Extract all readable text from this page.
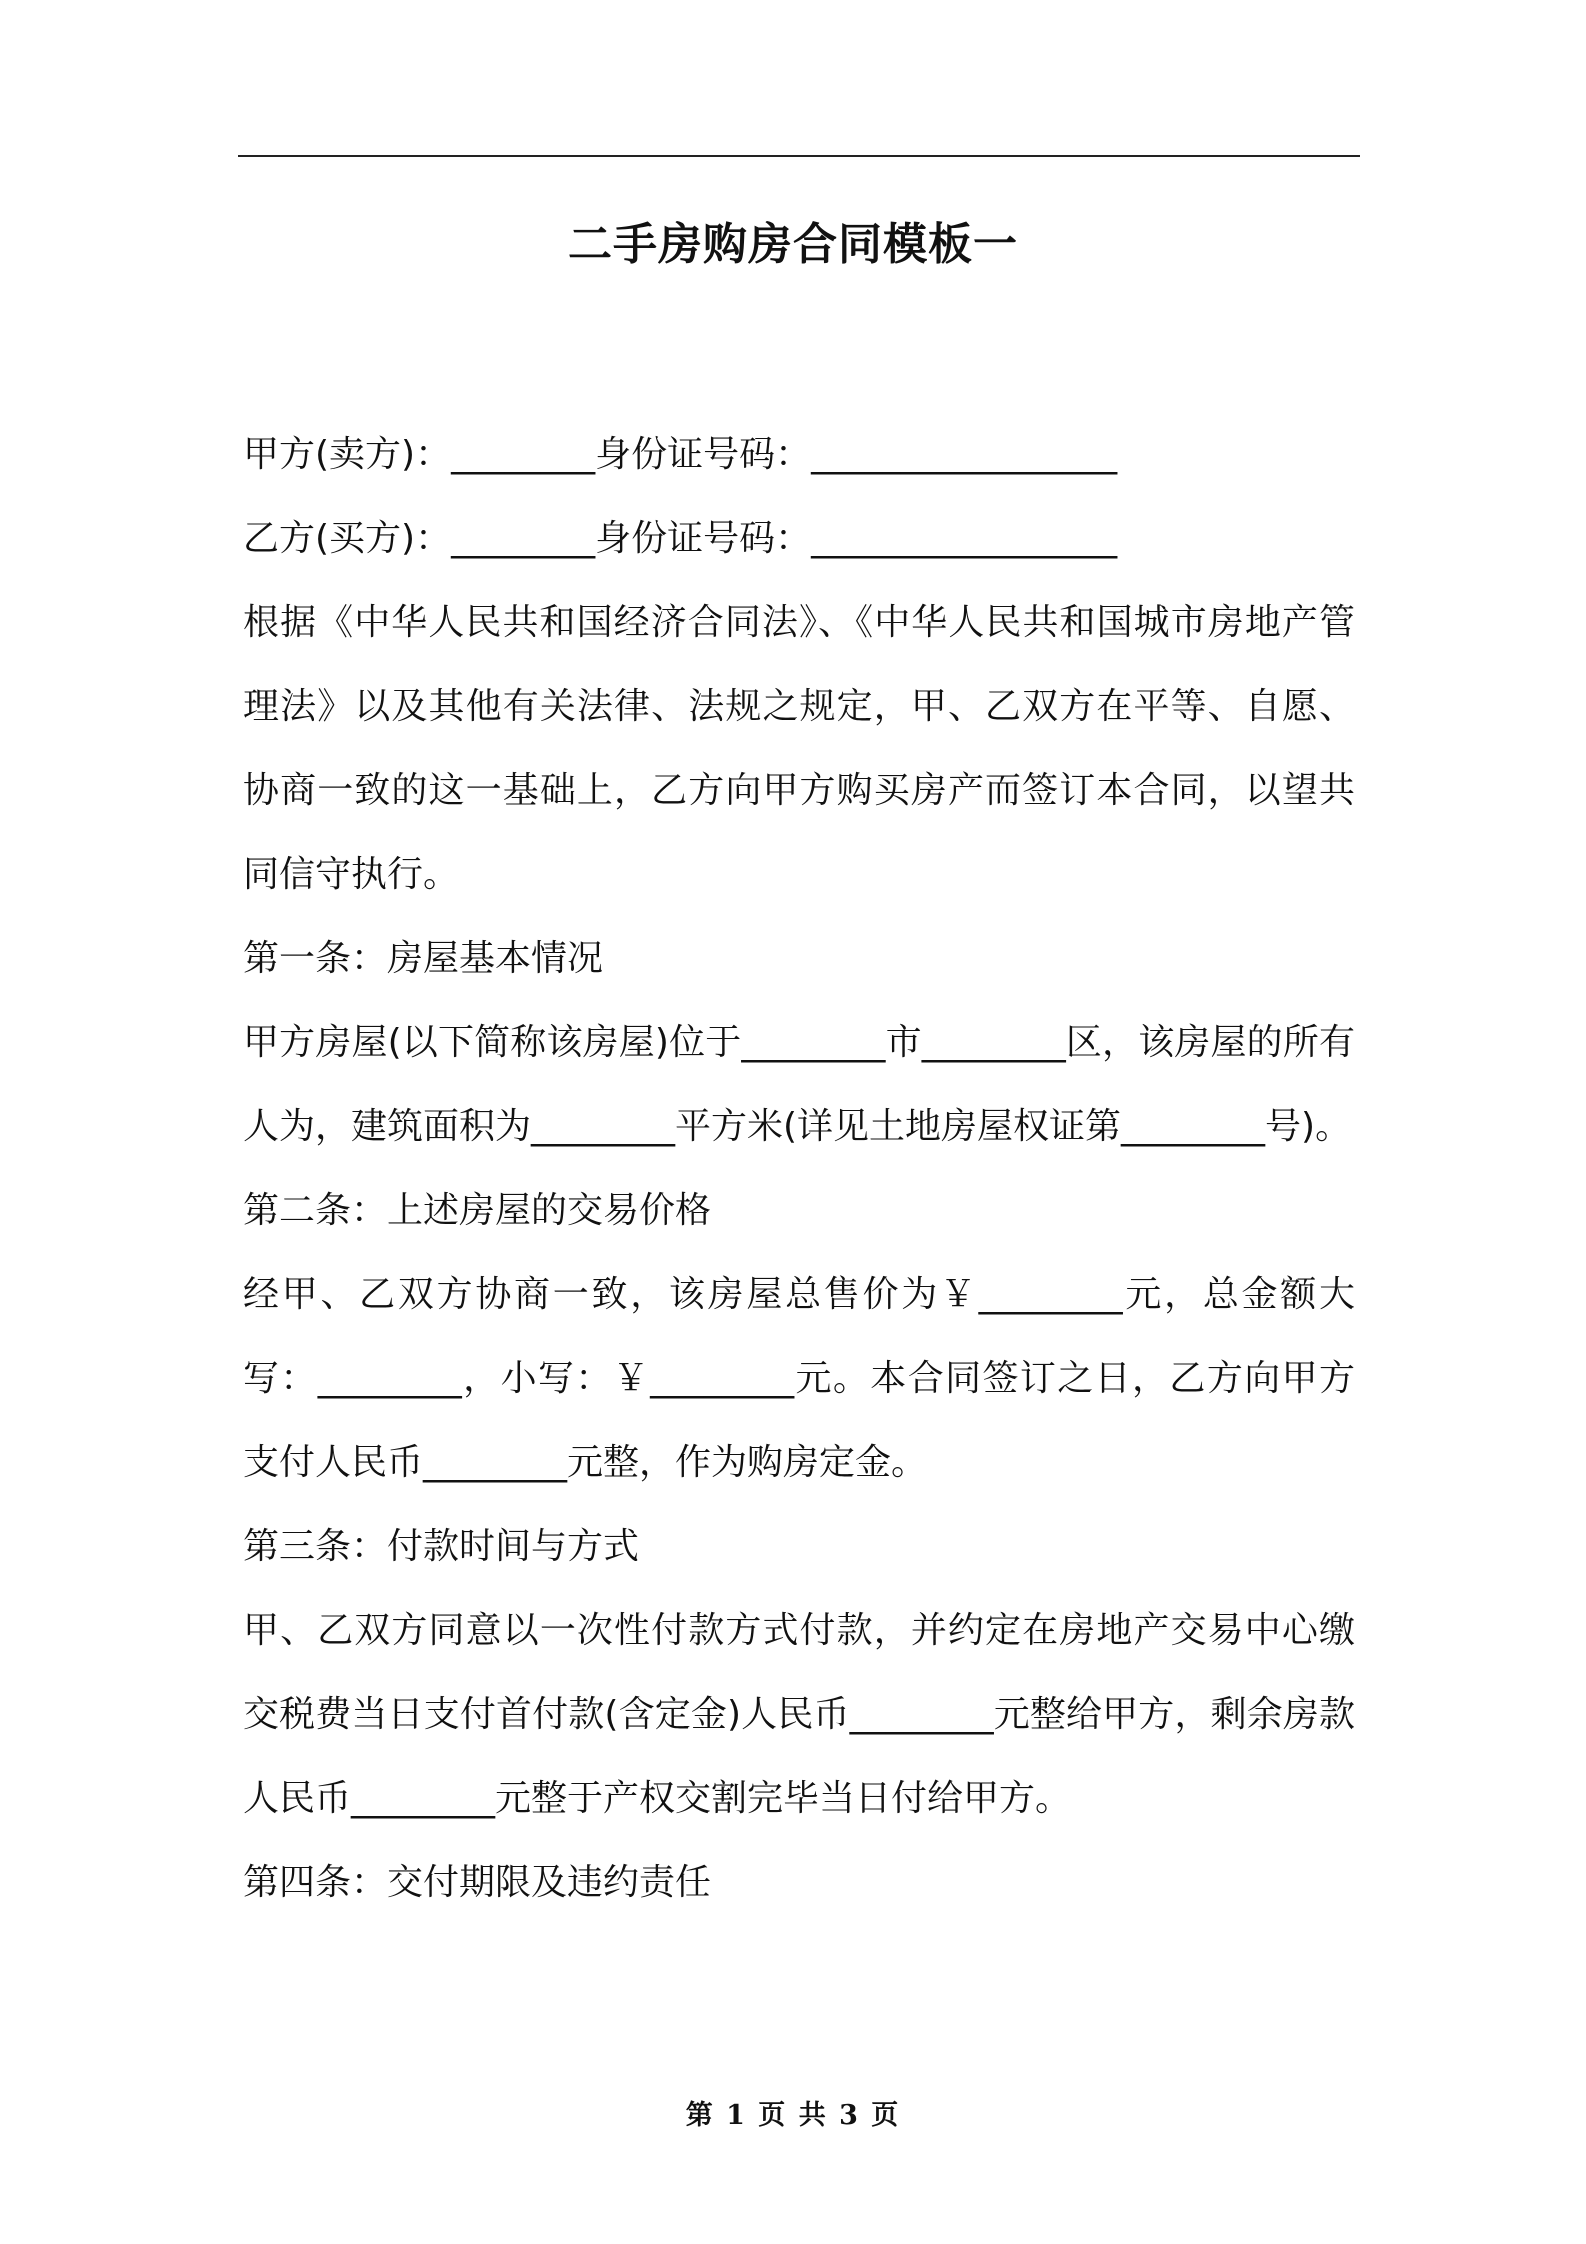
二手房购房合同模板一
甲方(卖方)：________身份证号码：_________________
乙方(买方)：________身份证号码：_________________

根据《中华人民共和国经济合同法》、《中华人民共和国城市房地产管理法》以及其他有关法律、法规之规定，甲、乙双方在平等、自愿、协商一致的这一基础上，乙方向甲方购买房产而签订本合同，以望共同信守执行。

第一条：房屋基本情况

甲方房屋(以下简称该房屋)位于________市________区，该房屋的所有人为，建筑面积为________平方米(详见土地房屋权证第________号)。

第二条：上述房屋的交易价格

经甲、乙双方协商一致，该房屋总售价为￥________元，总金额大写：________，小写：￥________元。本合同签订之日，乙方向甲方支付人民币________元整，作为购房定金。

第三条：付款时间与方式

甲、乙双方同意以一次性付款方式付款，并约定在房地产交易中心缴交税费当日支付首付款(含定金)人民币________元整给甲方，剩余房款人民币________元整于产权交割完毕当日付给甲方。

第四条：交付期限及违约责任
第 1 页 共 3 页
